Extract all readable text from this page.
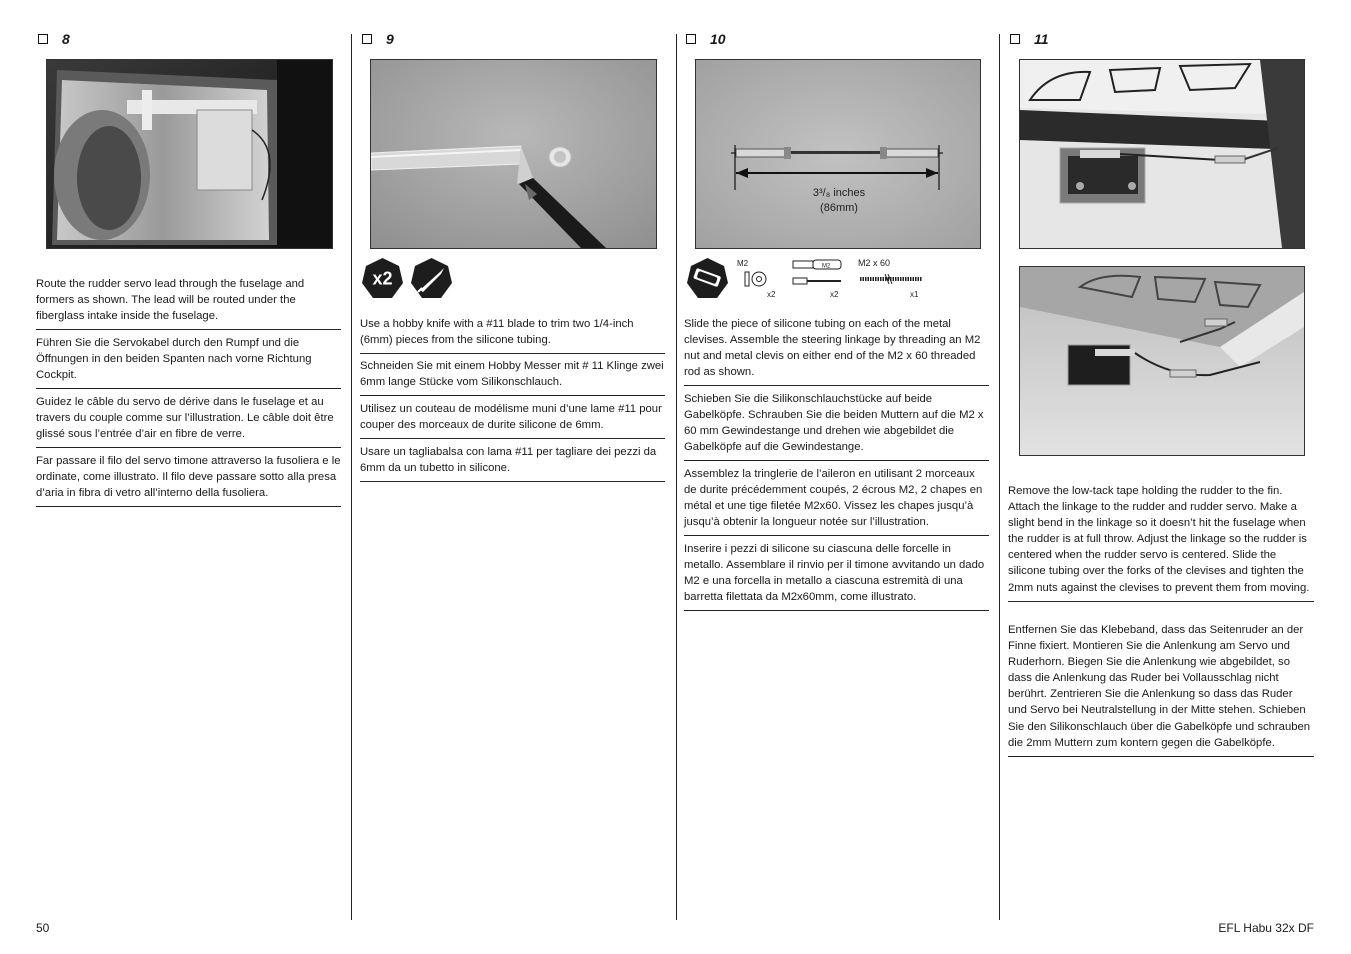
8

Route the rudder servo lead through the fuselage and formers as shown. The lead will be routed under the fiberglass intake inside the fuselage.

Führen Sie die Servokabel durch den Rumpf und die Öffnungen in den beiden Spanten nach vorne Richtung Cockpit.

Guidez le câble du servo de dérive dans le fuselage et au travers du couple comme sur l’illustration. Le câble doit être glissé sous l’entrée d’air en fibre de verre.

Far passare il filo del servo timone attraverso la fusoliera e le ordinate, come illustrato. Il filo deve passare sotto alla presa d’aria in fibra di vetro all’interno della fusoliera.

9
x2

Use a hobby knife with a #11 blade to trim two 1/4-inch (6mm) pieces from the silicone tubing.

Schneiden Sie mit einem Hobby Messer mit # 11 Klinge zwei 6mm lange Stücke vom Silikonschlauch.

Utilisez un couteau de modélisme muni d’une lame #11 pour couper des morceaux de durite silicone de 6mm.

Usare un tagliabalsa con lama #11 per tagliare dei pezzi da 6mm da un tubetto in silicone.

10
3³/₈ inches
(86mm)
M2
x2
M2
x2
M2 x 60
x1

Slide the piece of silicone tubing on each of the metal clevises. Assemble the steering linkage by threading an M2 nut and metal clevis on either end of the M2 x 60 threaded rod as shown.

Schieben Sie die Silikonschlauchstücke auf beide Gabelköpfe. Schrauben Sie die beiden Muttern auf die M2 x 60 mm Gewindestange und drehen wie abgebildet die Gabelköpfe auf die Gewindestange.

Assemblez la tringlerie de l’aileron en utilisant 2 morceaux de durite précédemment coupés, 2 écrous M2, 2 chapes en métal et une tige filetée M2x60. Vissez les chapes jusqu’à jusqu’à obtenir la longueur notée sur l’illustration.

Inserire i pezzi di silicone su ciascuna delle forcelle in metallo. Assemblare il rinvio per il timone avvitando un dado M2 e una forcella in metallo a ciascuna estremità di una barretta filettata da M2x60mm, come illustrato.

11

Remove the low-tack tape holding the rudder to the fin. Attach the linkage to the rudder and rudder servo. Make a slight bend in the linkage so it doesn’t hit the fuselage when the rudder is at full throw. Adjust the linkage so the rudder is centered when the rudder servo is centered. Slide the silicone tubing over the forks of the clevises and tighten the 2mm nuts against the clevises to prevent them from moving.

Entfernen Sie das Klebeband, dass das Seitenruder an der Finne fixiert. Montieren Sie die Anlenkung am Servo und Ruderhorn. Biegen Sie die Anlenkung wie abgebildet, so dass die Anlenkung das Ruder bei Vollausschlag nicht berührt. Zentrieren Sie die Anlenkung so dass das Ruder und Servo bei Neutralstellung in der Mitte stehen. Schieben Sie den Silikonschlauch über die Gabelköpfe und schrauben die 2mm Muttern zum kontern gegen die Gabelköpfe.

50	EFL Habu 32x DF
